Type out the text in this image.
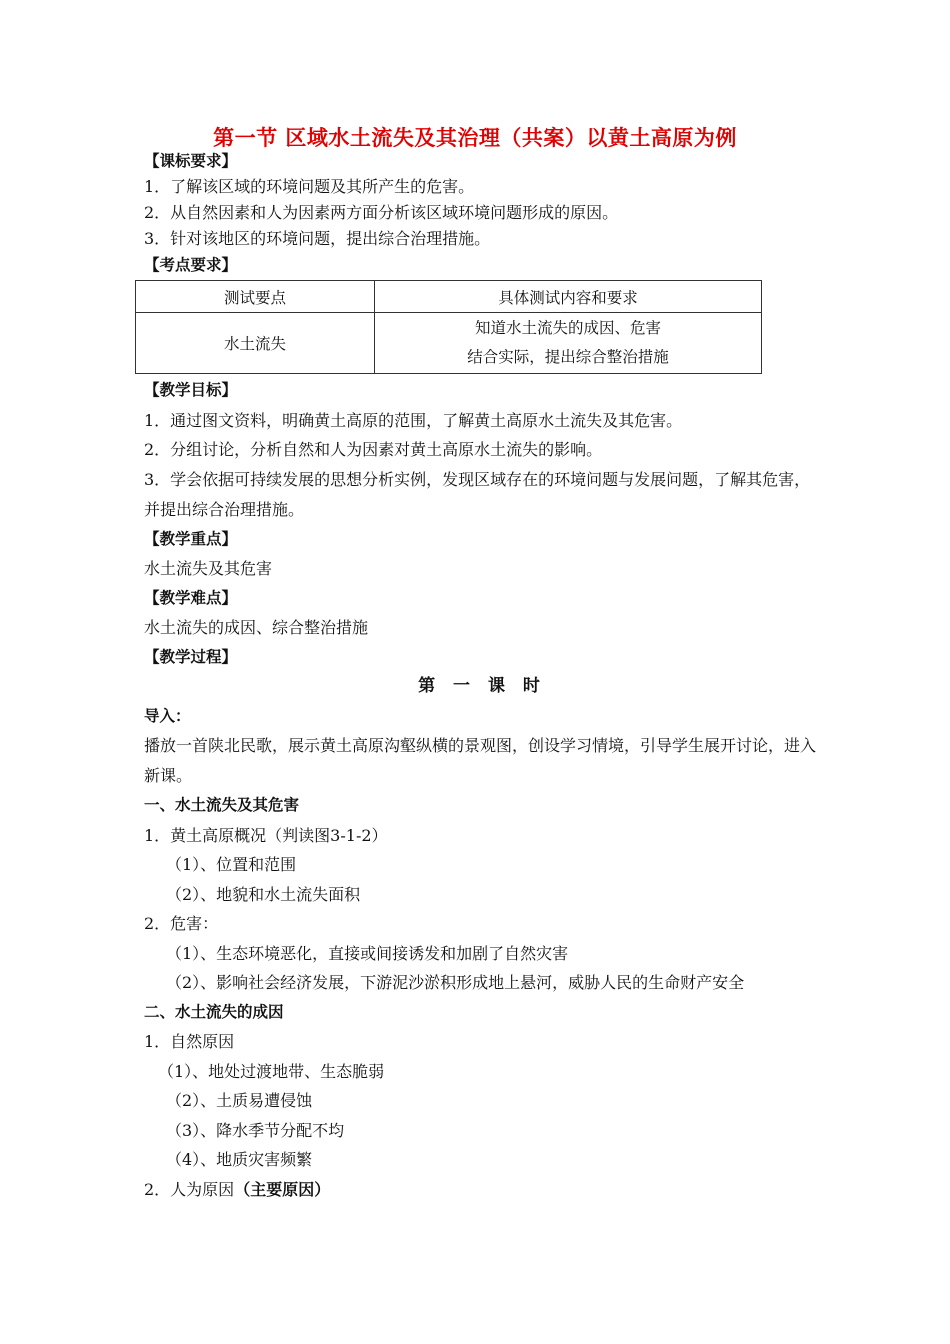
第一节 区域水土流失及其治理（共案）以黄土高原为例
【课标要求】
1．了解该区域的环境问题及其所产生的危害。
2．从自然因素和人为因素两方面分析该区域环境问题形成的原因。
3．针对该地区的环境问题，提出综合治理措施。
【考点要求】
测试要点	具体测试内容和要求
水土流失	知道水土流失的成因、危害
结合实际，提出综合整治措施
【教学目标】
1．通过图文资料，明确黄土高原的范围，了解黄土高原水土流失及其危害。
2．分组讨论，分析自然和人为因素对黄土高原水土流失的影响。
3．学会依据可持续发展的思想分析实例，发现区域存在的环境问题与发展问题，了解其危害，并提出综合治理措施。
【教学重点】
水土流失及其危害
【教学难点】
水土流失的成因、综合整治措施
【教学过程】
第 一 课 时
导入：
播放一首陕北民歌，展示黄土高原沟壑纵横的景观图，创设学习情境，引导学生展开讨论，进入新课。
一、水土流失及其危害
1．黄土高原概况（判读图3-1-2）
（1）、位置和范围
（2）、地貌和水土流失面积
2．危害：
（1）、生态环境恶化，直接或间接诱发和加剧了自然灾害
（2）、影响社会经济发展，下游泥沙淤积形成地上悬河，威胁人民的生命财产安全
二、水土流失的成因
1．自然原因
（1）、地处过渡地带、生态脆弱
（2）、土质易遭侵蚀
（3）、降水季节分配不均
（4）、地质灾害频繁
2．人为原因（主要原因）
